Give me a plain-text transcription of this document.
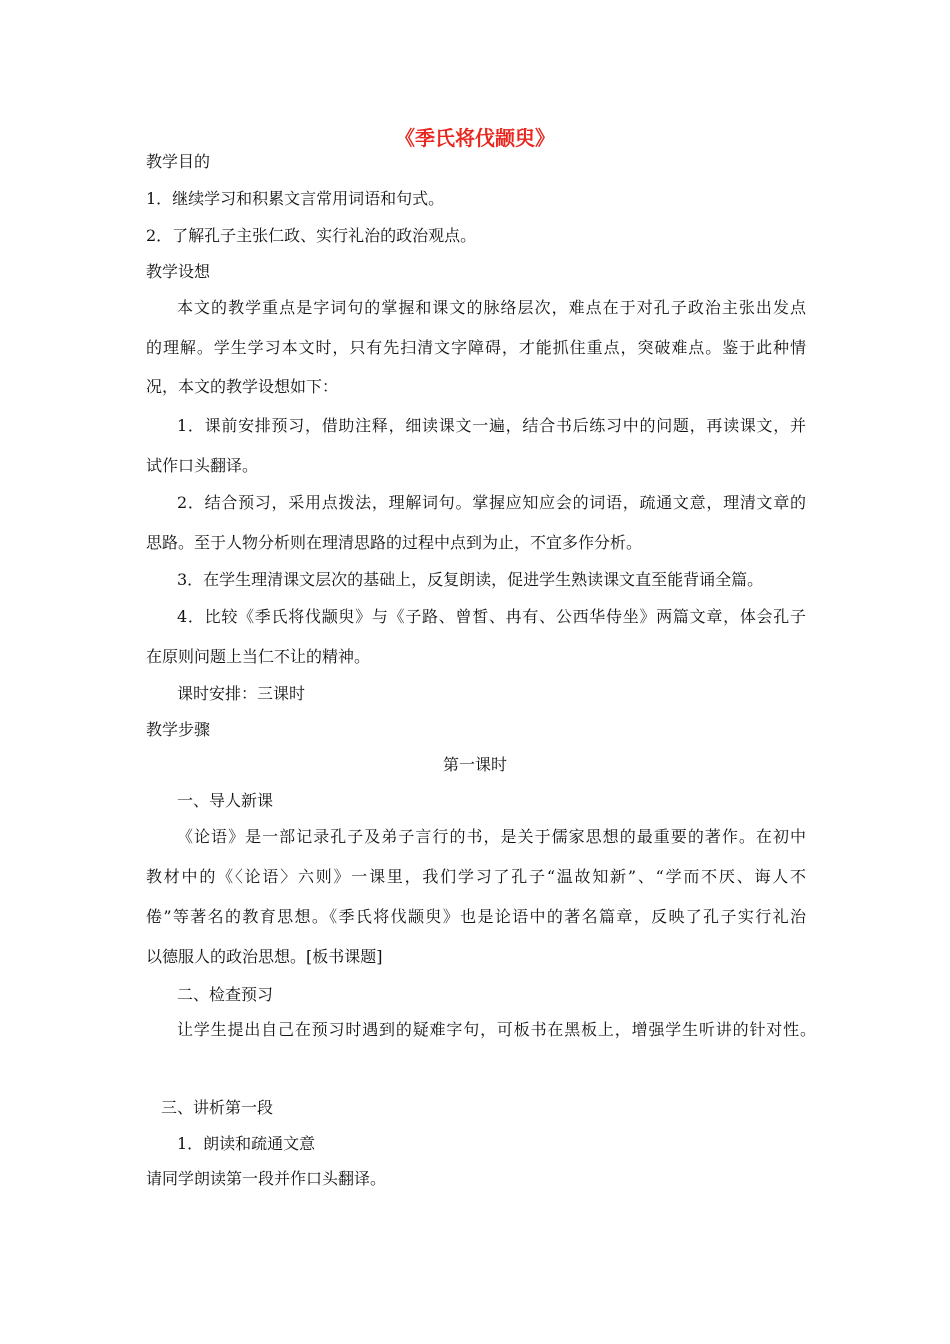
《季氏将伐颛臾》
教学目的
1．继续学习和积累文言常用词语和句式。
2．了解孔子主张仁政、实行礼治的政治观点。
教学设想
本文的教学重点是字词句的掌握和课文的脉络层次，难点在于对孔子政治主张出发点
的理解。学生学习本文时，只有先扫清文字障碍，才能抓住重点，突破难点。鉴于此种情
况，本文的教学设想如下：
1．课前安排预习，借助注释，细读课文一遍，结合书后练习中的问题，再读课文，并
试作口头翻译。
2．结合预习，采用点拨法，理解词句。掌握应知应会的词语，疏通文意，理清文章的
思路。至于人物分析则在理清思路的过程中点到为止，不宜多作分析。
3．在学生理清课文层次的基础上，反复朗读，促进学生熟读课文直至能背诵全篇。
4．比较《季氏将伐颛臾》与《子路、曾皙、冉有、公西华侍坐》两篇文章，体会孔子
在原则问题上当仁不让的精神。
课时安排：三课时
教学步骤
第一课时
一、导人新课
《论语》是一部记录孔子及弟子言行的书，是关于儒家思想的最重要的著作。在初中
教材中的《〈论语〉六则》一课里，我们学习了孔子“温故知新”、“学而不厌、诲人不
倦”等著名的教育思想。《季氏将伐颛臾》也是论语中的著名篇章，反映了孔子实行礼治
以德服人的政治思想。[板书课题]
二、检查预习
让学生提出自己在预习时遇到的疑难字句，可板书在黑板上，增强学生听讲的针对性。
三、讲析第一段
1．朗读和疏通文意
请同学朗读第一段并作口头翻译。
